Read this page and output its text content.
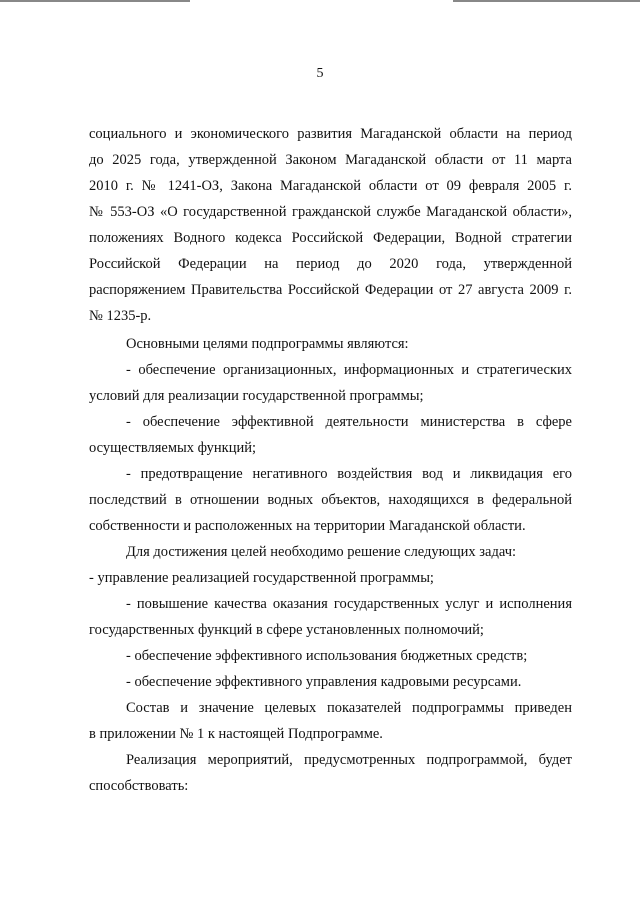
5
социального и экономического развития Магаданской области на период
до 2025 года, утвержденной Законом Магаданской области от 11 марта
2010 г. № 1241-ОЗ, Закона Магаданской области от 09 февраля 2005 г.
№ 553-ОЗ «О государственной гражданской службе Магаданской области»,
положениях Водного кодекса Российской Федерации, Водной стратегии
Российской Федерации на период до 2020 года, утвержденной
распоряжением Правительства Российской Федерации от 27 августа 2009 г.
№ 1235-р.
Основными целями подпрограммы являются:
- обеспечение организационных, информационных и стратегических
условий для реализации государственной программы;
- обеспечение эффективной деятельности министерства в сфере
осуществляемых функций;
- предотвращение негативного воздействия вод и ликвидация его
последствий в отношении водных объектов, находящихся в федеральной
собственности и расположенных на территории Магаданской области.
Для достижения целей необходимо решение следующих задач:
- управление реализацией государственной программы;
- повышение качества оказания государственных услуг и исполнения
государственных функций в сфере установленных полномочий;
- обеспечение эффективного использования бюджетных средств;
- обеспечение эффективного управления кадровыми ресурсами.
Состав и значение целевых показателей подпрограммы приведен
в приложении № 1 к настоящей Подпрограмме.
Реализация мероприятий, предусмотренных подпрограммой, будет
способствовать:
